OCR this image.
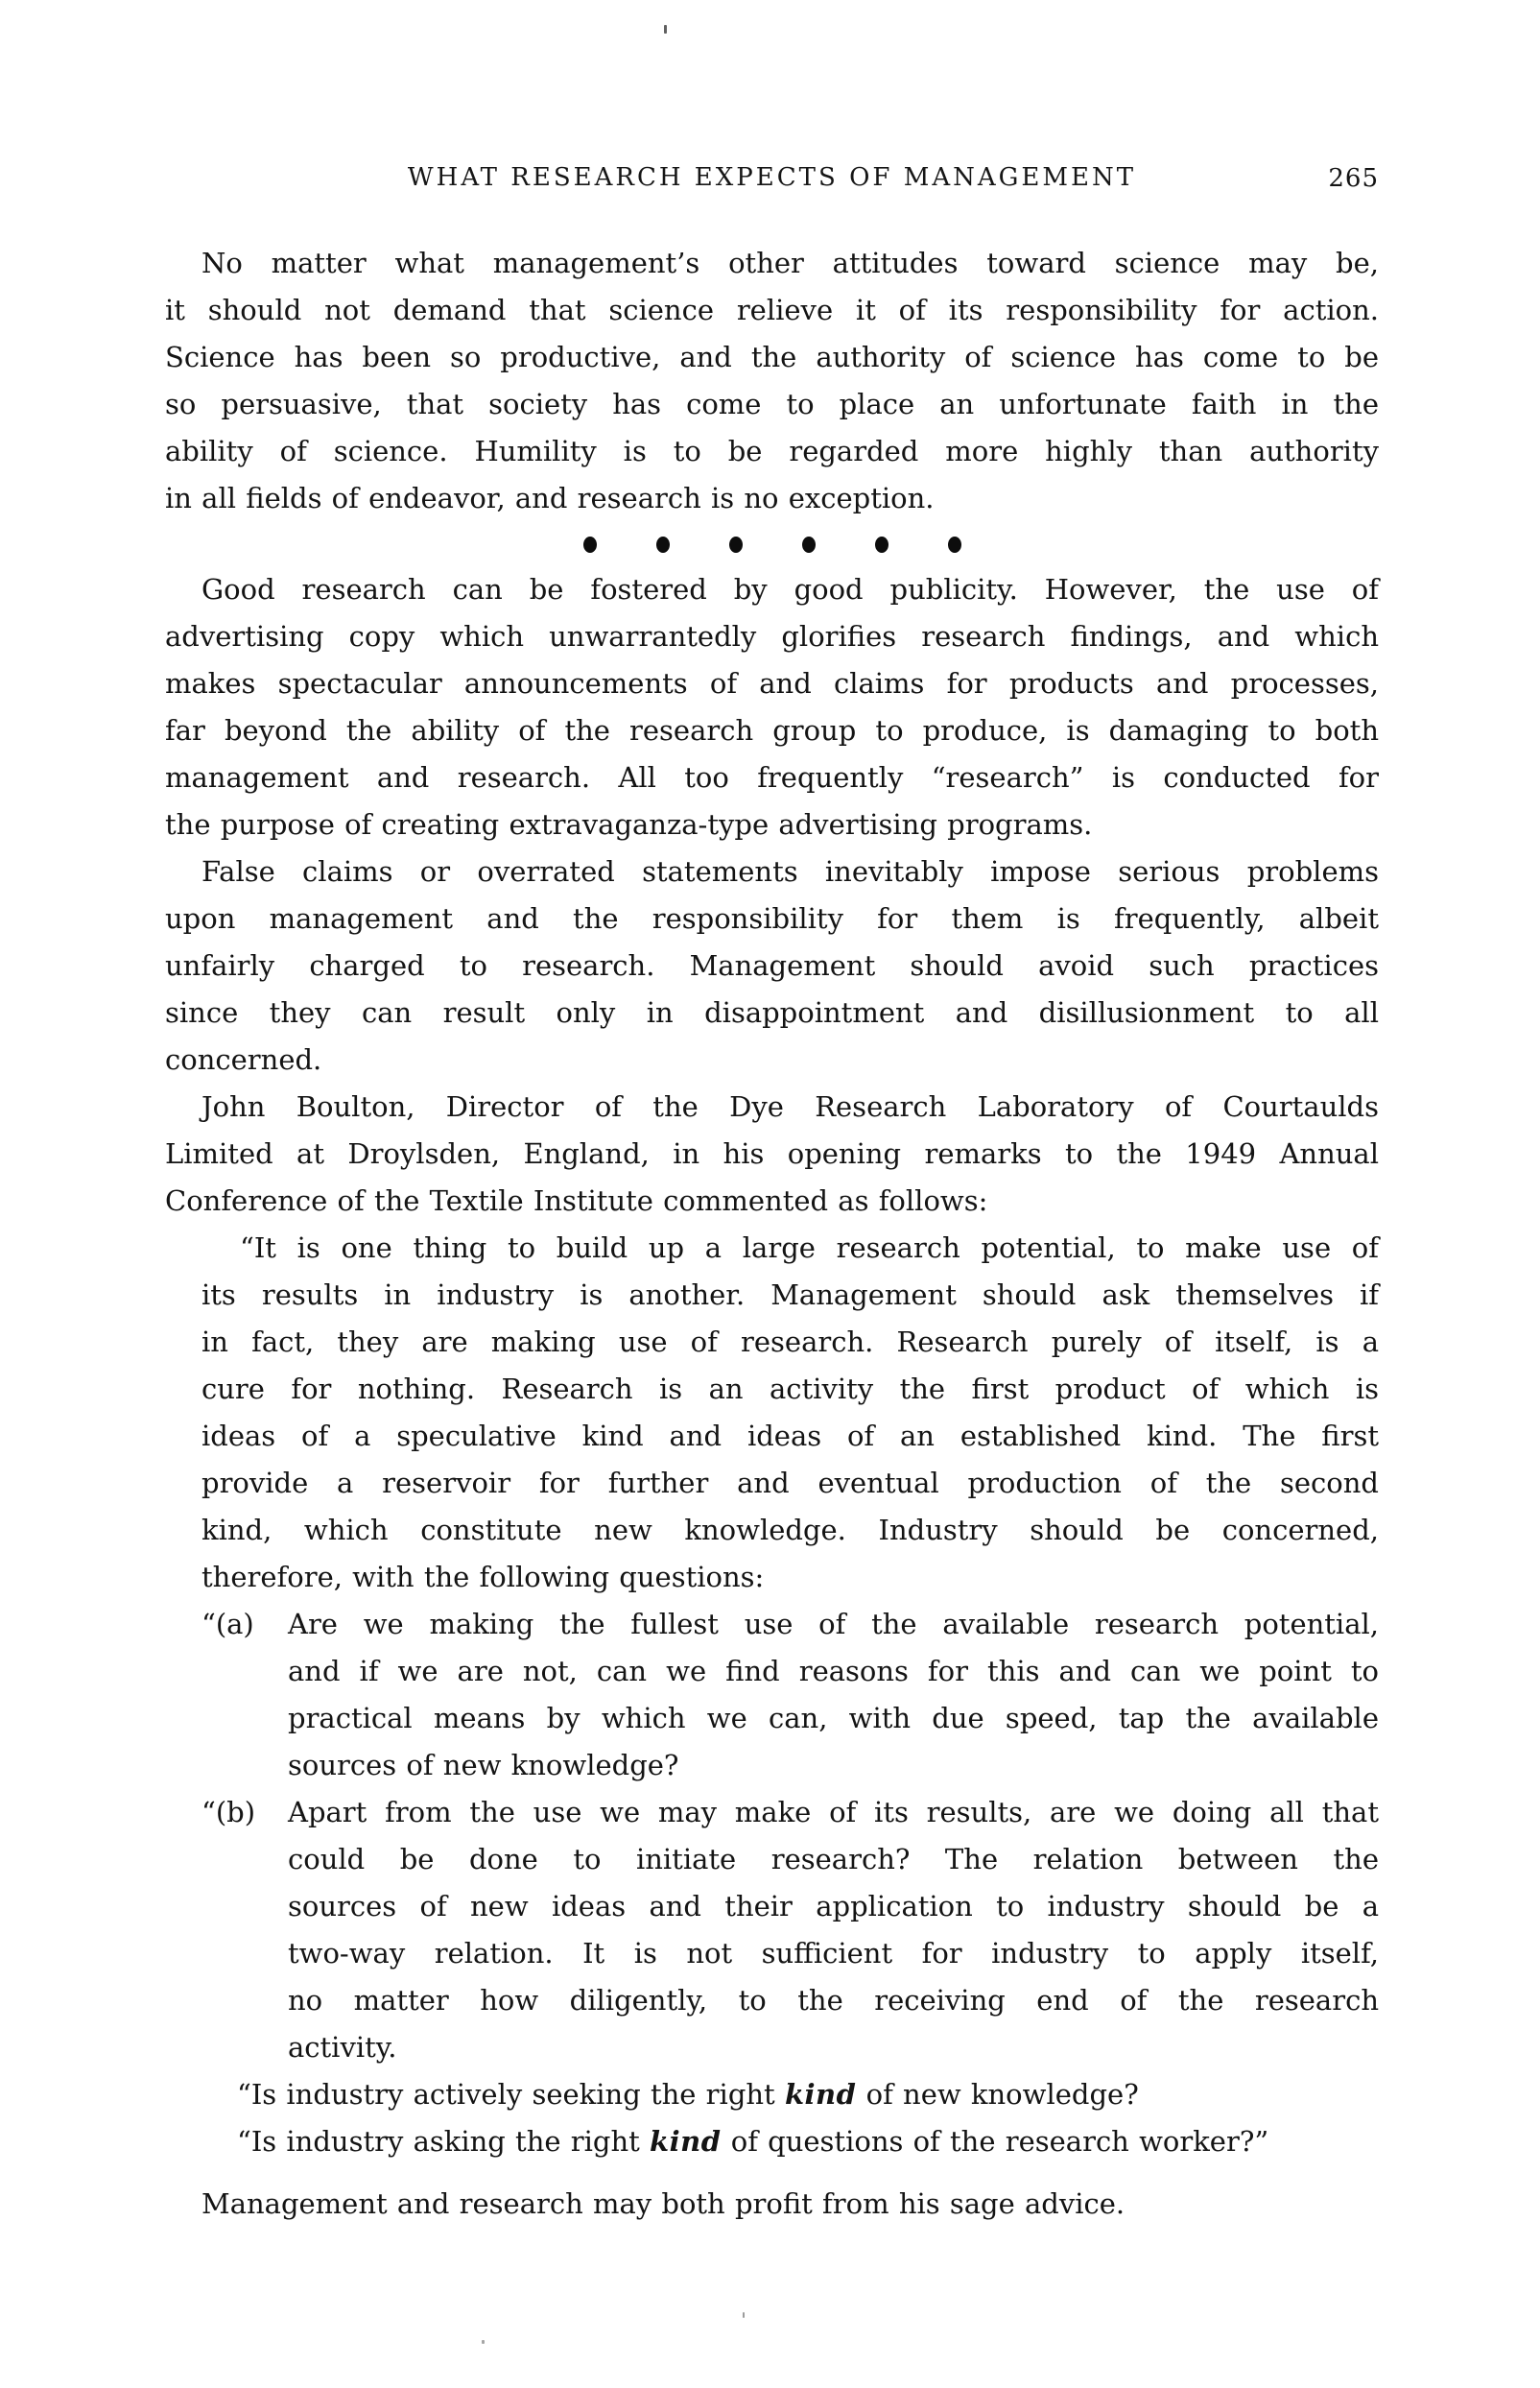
WHAT RESEARCH EXPECTS OF MANAGEMENT	265
No matter what management’s other attitudes toward science may be,
it should not demand that science relieve it of its responsibility for action.
Science has been so productive, and the authority of science has come to be
so persuasive, that society has come to place an unfortunate faith in the
ability of science. Humility is to be regarded more highly than authority
in all fields of endeavor, and research is no exception.
Good research can be fostered by good publicity. However, the use of
advertising copy which unwarrantedly glorifies research findings, and which
makes spectacular announcements of and claims for products and processes,
far beyond the ability of the research group to produce, is damaging to both
management and research. All too frequently “research” is conducted for
the purpose of creating extravaganza-type advertising programs.
False claims or overrated statements inevitably impose serious problems
upon management and the responsibility for them is frequently, albeit
unfairly charged to research. Management should avoid such practices
since they can result only in disappointment and disillusionment to all
concerned.
John Boulton, Director of the Dye Research Laboratory of Courtaulds
Limited at Droylsden, England, in his opening remarks to the 1949 Annual
Conference of the Textile Institute commented as follows:
“It is one thing to build up a large research potential, to make use of
its results in industry is another. Management should ask themselves if
in fact, they are making use of research. Research purely of itself, is a
cure for nothing. Research is an activity the first product of which is
ideas of a speculative kind and ideas of an established kind. The first
provide a reservoir for further and eventual production of the second
kind, which constitute new knowledge. Industry should be concerned,
therefore, with the following questions:
“(a) Are we making the fullest use of the available research potential,
and if we are not, can we find reasons for this and can we point to
practical means by which we can, with due speed, tap the available
sources of new knowledge?
“(b) Apart from the use we may make of its results, are we doing all that
could be done to initiate research? The relation between the
sources of new ideas and their application to industry should be a
two-way relation. It is not sufficient for industry to apply itself,
no matter how diligently, to the receiving end of the research
activity.
“Is industry actively seeking the right kind of new knowledge?
“Is industry asking the right kind of questions of the research worker?”
Management and research may both profit from his sage advice.
